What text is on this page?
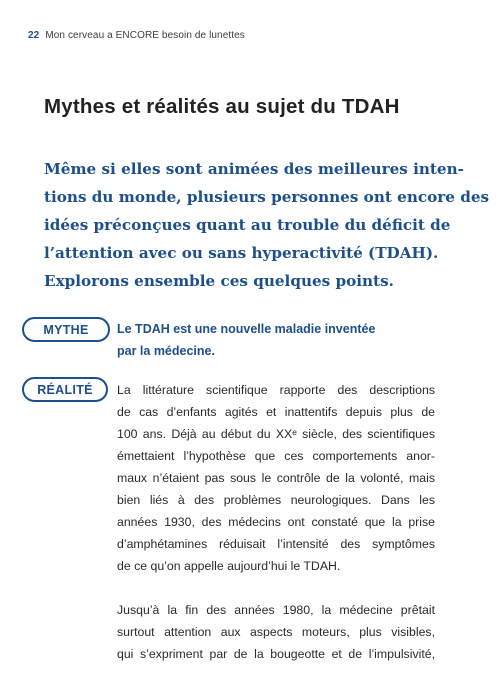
22 Mon cerveau a ENCORE besoin de lunettes
Mythes et réalités au sujet du TDAH
Même si elles sont animées des meilleures inten-
tions du monde, plusieurs personnes ont encore des
idées préconçues quant au trouble du déficit de
l’attention avec ou sans hyperactivité (TDAH).
Explorons ensemble ces quelques points.
MYTHE	Le TDAH est une nouvelle maladie inventée
par la médecine.
RÉALITÉ	La littérature scientifique rapporte des descriptions
de cas d’enfants agités et inattentifs depuis plus de
100 ans. Déjà au début du XXᵉ siècle, des scientifiques
émettaient l’hypothèse que ces comportements anor-
maux n’étaient pas sous le contrôle de la volonté, mais
bien liés à des problèmes neurologiques. Dans les
années 1930, des médecins ont constaté que la prise
d’amphétamines réduisait l’intensité des symptômes
de ce qu’on appelle aujourd’hui le TDAH.
Jusqu’à la fin des années 1980, la médecine prêtait
surtout attention aux aspects moteurs, plus visibles,
qui s’expriment par de la bougeotte et de l’impulsivité,
